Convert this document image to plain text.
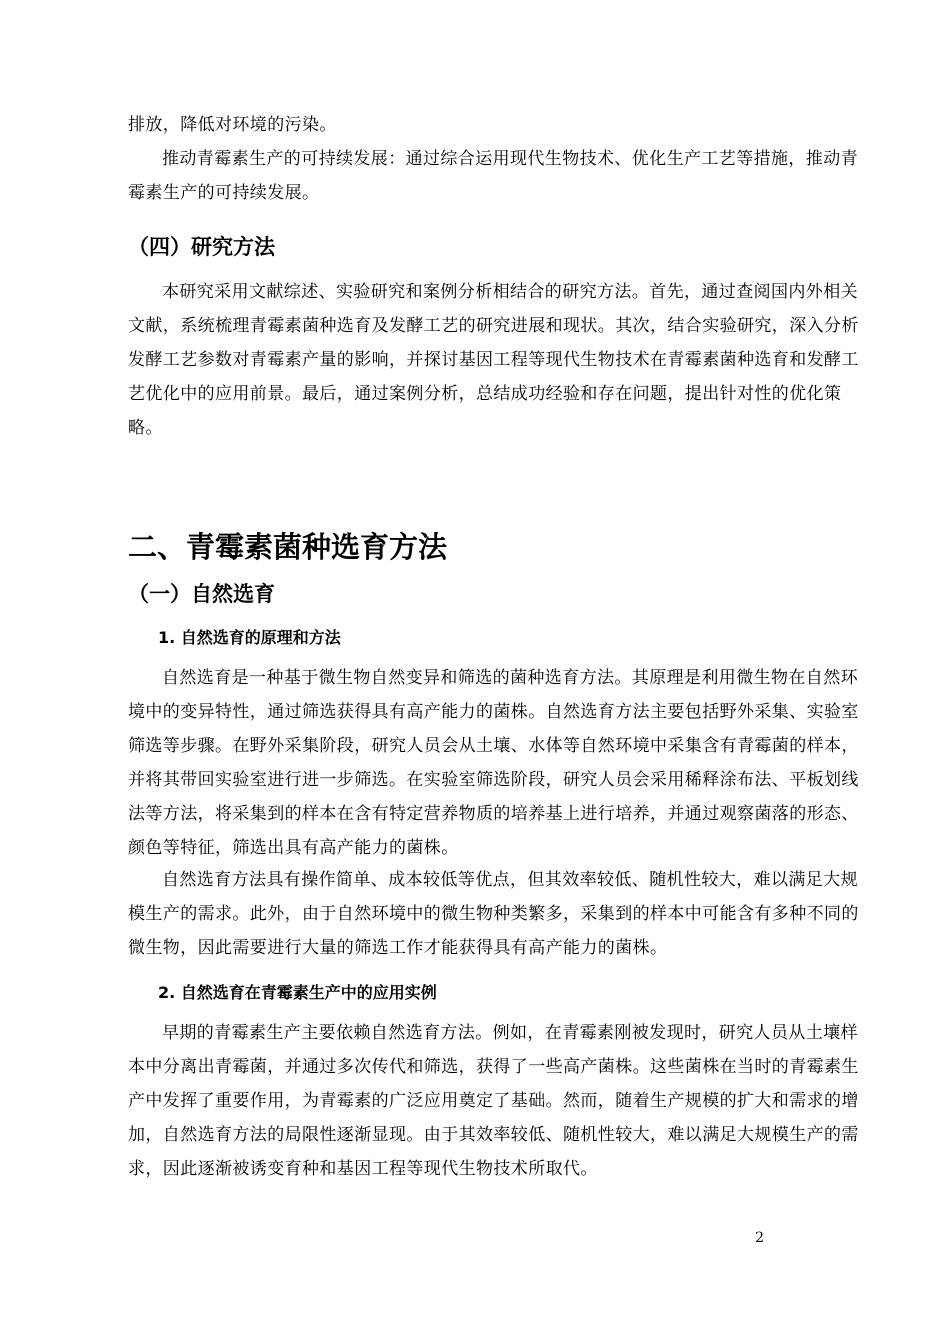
排放，降低对环境的污染。

推动青霉素生产的可持续发展：通过综合运用现代生物技术、优化生产工艺等措施，推动青霉素生产的可持续发展。

（四）研究方法

本研究采用文献综述、实验研究和案例分析相结合的研究方法。首先，通过查阅国内外相关文献，系统梳理青霉素菌种选育及发酵工艺的研究进展和现状。其次，结合实验研究，深入分析发酵工艺参数对青霉素产量的影响，并探讨基因工程等现代生物技术在青霉素菌种选育和发酵工艺优化中的应用前景。最后，通过案例分析，总结成功经验和存在问题，提出针对性的优化策略。

二、青霉素菌种选育方法
（一）自然选育
1. 自然选育的原理和方法

自然选育是一种基于微生物自然变异和筛选的菌种选育方法。其原理是利用微生物在自然环境中的变异特性，通过筛选获得具有高产能力的菌株。自然选育方法主要包括野外采集、实验室筛选等步骤。在野外采集阶段，研究人员会从土壤、水体等自然环境中采集含有青霉菌的样本，并将其带回实验室进行进一步筛选。在实验室筛选阶段，研究人员会采用稀释涂布法、平板划线法等方法，将采集到的样本在含有特定营养物质的培养基上进行培养，并通过观察菌落的形态、颜色等特征，筛选出具有高产能力的菌株。

自然选育方法具有操作简单、成本较低等优点，但其效率较低、随机性较大，难以满足大规模生产的需求。此外，由于自然环境中的微生物种类繁多，采集到的样本中可能含有多种不同的微生物，因此需要进行大量的筛选工作才能获得具有高产能力的菌株。

2. 自然选育在青霉素生产中的应用实例

早期的青霉素生产主要依赖自然选育方法。例如，在青霉素刚被发现时，研究人员从土壤样本中分离出青霉菌，并通过多次传代和筛选，获得了一些高产菌株。这些菌株在当时的青霉素生产中发挥了重要作用，为青霉素的广泛应用奠定了基础。然而，随着生产规模的扩大和需求的增加，自然选育方法的局限性逐渐显现。由于其效率较低、随机性较大，难以满足大规模生产的需求，因此逐渐被诱变育种和基因工程等现代生物技术所取代。

2
